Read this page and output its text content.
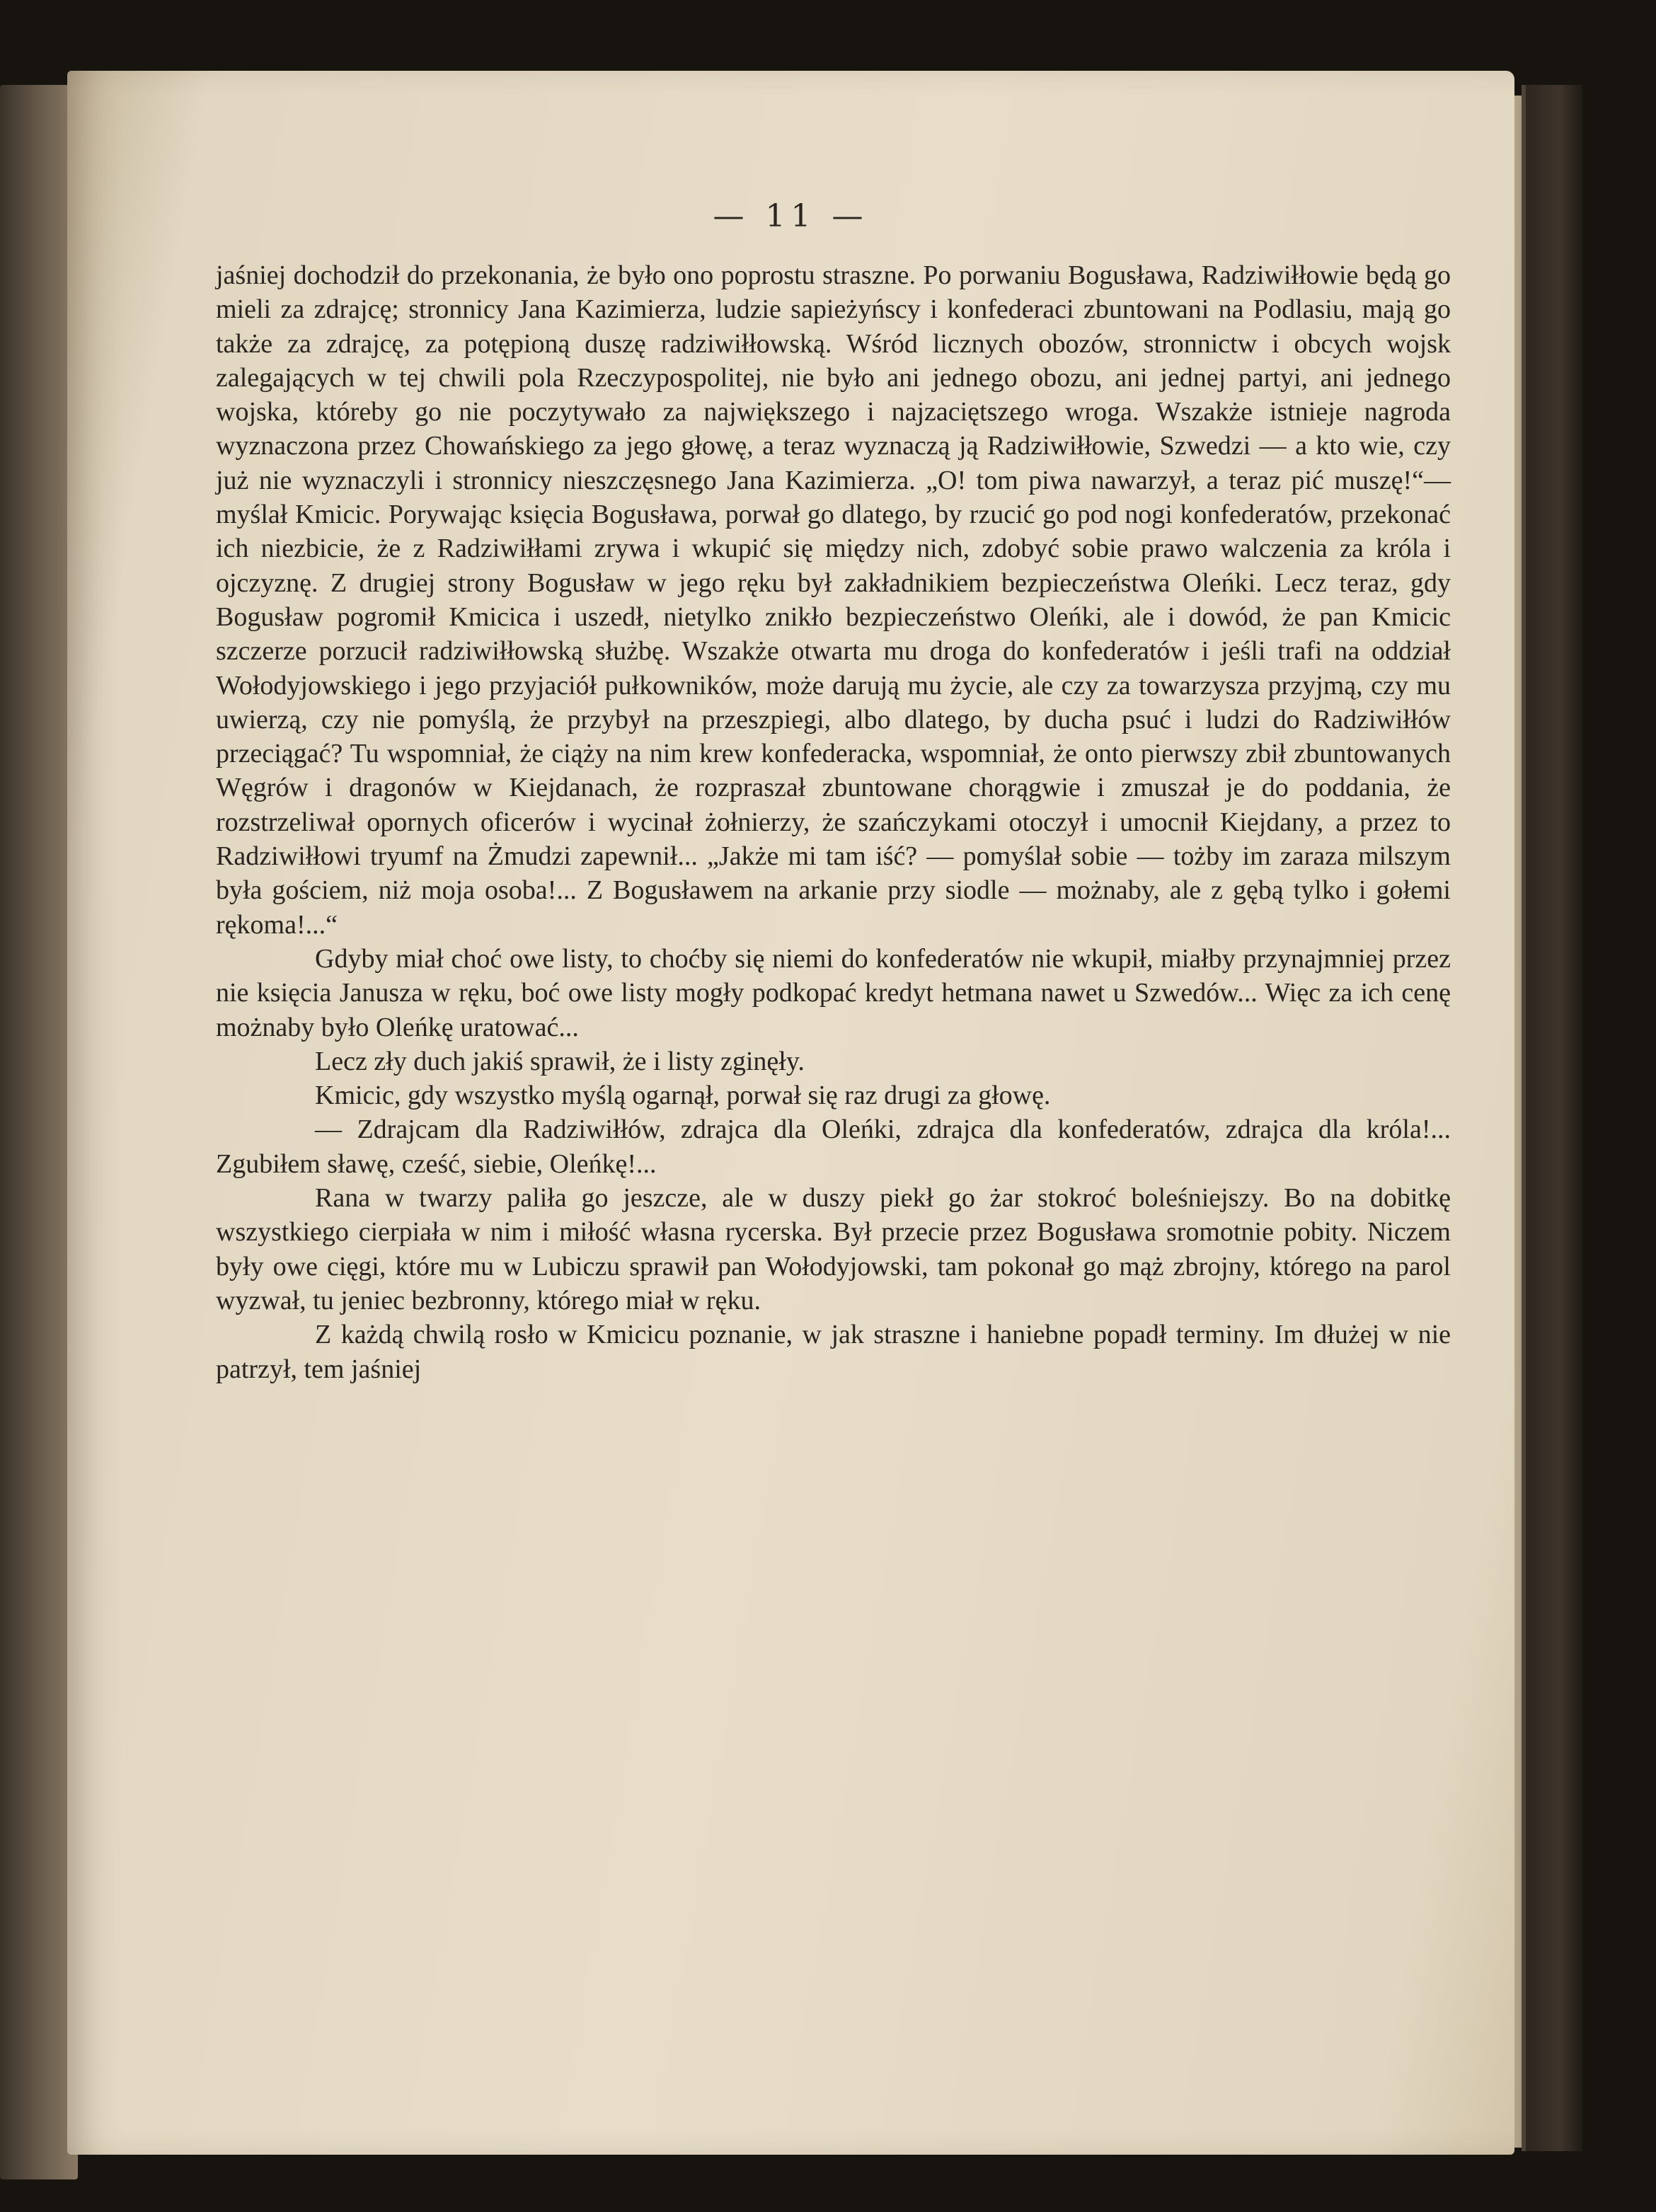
— 11 —

jaśniej dochodził do przekonania, że było ono poprostu straszne. Po porwaniu Bogusława, Radziwiłłowie będą go mieli za zdrajcę; stronnicy Jana Kazimierza, ludzie sapieżyńscy i konfederaci zbuntowani na Podlasiu, mają go także za zdrajcę, za potępioną duszę radziwiłłowską. Wśród licznych obozów, stronnictw i obcych wojsk zalegających w tej chwili pola Rzeczypospolitej, nie było ani jednego obozu, ani jednej partyi, ani jednego wojska, któreby go nie poczytywało za największego i najzaciętszego wroga. Wszakże istnieje nagroda wyznaczona przez Chowańskiego za jego głowę, a teraz wyznaczą ją Radziwiłłowie, Szwedzi — a kto wie, czy już nie wyznaczyli i stronnicy nieszczęsnego Jana Kazimierza. „O! tom piwa nawarzył, a teraz pić muszę!“— myślał Kmicic. Porywając księcia Bogusława, porwał go dlatego, by rzucić go pod nogi konfederatów, przekonać ich niezbicie, że z Radziwiłłami zrywa i wkupić się między nich, zdobyć sobie prawo walczenia za króla i ojczyznę. Z drugiej strony Bogusław w jego ręku był zakładnikiem bezpieczeństwa Oleńki. Lecz teraz, gdy Bogusław pogromił Kmicica i uszedł, nietylko znikło bezpieczeństwo Oleńki, ale i dowód, że pan Kmicic szczerze porzucił radziwiłłowską służbę. Wszakże otwarta mu droga do konfederatów i jeśli trafi na oddział Wołodyjowskiego i jego przyjaciół pułkowników, może darują mu życie, ale czy za towarzysza przyjmą, czy mu uwierzą, czy nie pomyślą, że przybył na przeszpiegi, albo dlatego, by ducha psuć i ludzi do Radziwiłłów przeciągać? Tu wspomniał, że ciąży na nim krew konfederacka, wspomniał, że onto pierwszy zbił zbuntowanych Węgrów i dragonów w Kiejdanach, że rozpraszał zbuntowane chorągwie i zmuszał je do poddania, że rozstrzeliwał opornych oficerów i wycinał żołnierzy, że szańczykami otoczył i umocnił Kiejdany, a przez to Radziwiłłowi tryumf na Żmudzi zapewnił... „Jakże mi tam iść? — pomyślał sobie — tożby im zaraza milszym była gościem, niż moja osoba!... Z Bogusławem na arkanie przy siodle — możnaby, ale z gębą tylko i gołemi rękoma!...“

Gdyby miał choć owe listy, to choćby się niemi do konfederatów nie wkupił, miałby przynajmniej przez nie księcia Janusza w ręku, boć owe listy mogły podkopać kredyt hetmana nawet u Szwedów... Więc za ich cenę możnaby było Oleńkę uratować...

Lecz zły duch jakiś sprawił, że i listy zginęły.

Kmicic, gdy wszystko myślą ogarnął, porwał się raz drugi za głowę.

— Zdrajcam dla Radziwiłłów, zdrajca dla Oleńki, zdrajca dla konfederatów, zdrajca dla króla!... Zgubiłem sławę, cześć, siebie, Oleńkę!...

Rana w twarzy paliła go jeszcze, ale w duszy piekł go żar stokroć boleśniejszy. Bo na dobitkę wszystkiego cierpiała w nim i miłość własna rycerska. Był przecie przez Bogusława sromotnie pobity. Niczem były owe cięgi, które mu w Lubiczu sprawił pan Wołodyjowski, tam pokonał go mąż zbrojny, którego na parol wyzwał, tu jeniec bezbronny, którego miał w ręku.

Z każdą chwilą rosło w Kmicicu poznanie, w jak straszne i haniebne popadł terminy. Im dłużej w nie patrzył, tem jaśniej
